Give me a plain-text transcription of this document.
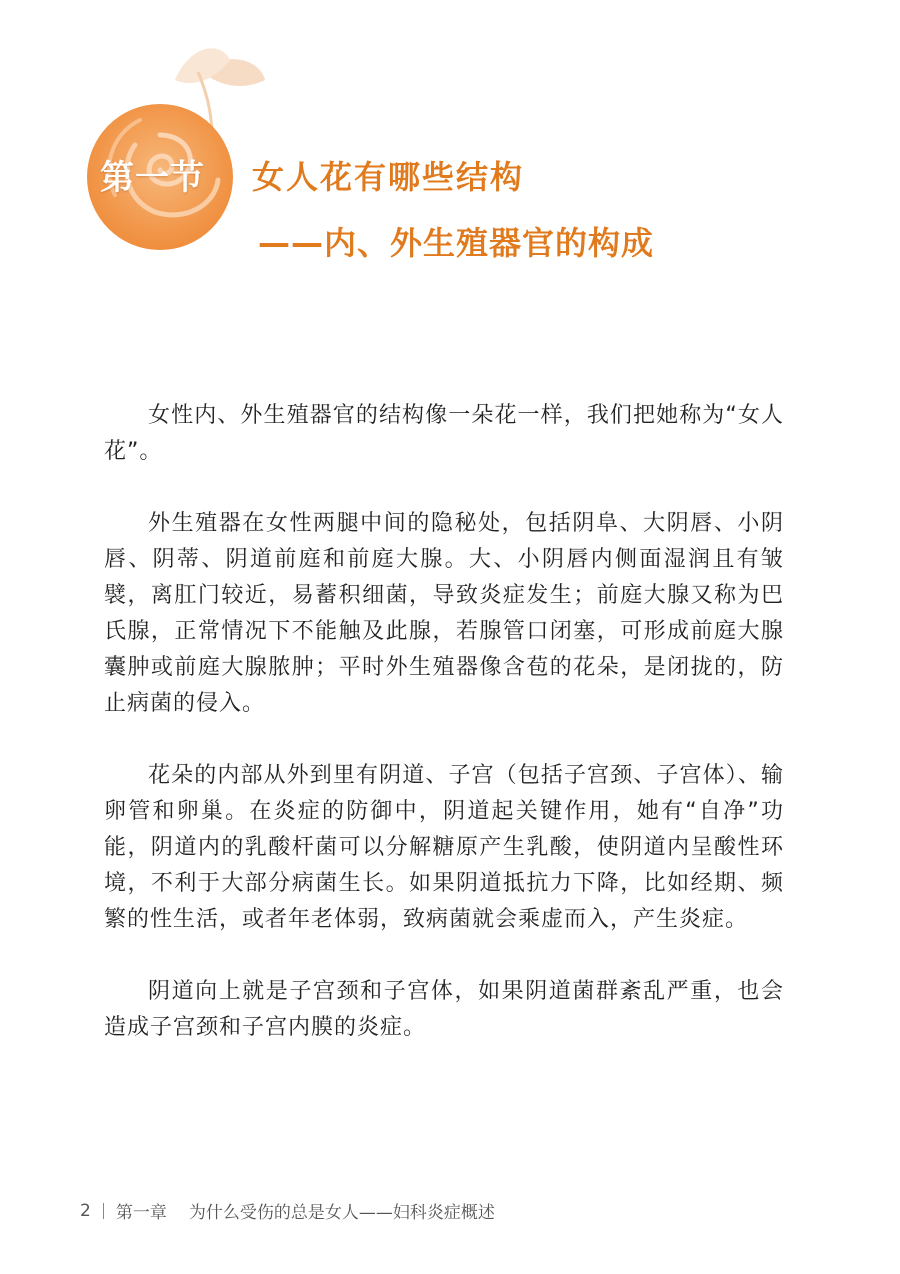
第一节 女人花有哪些结构
——内、外生殖器官的构成

女性内、外生殖器官的结构像一朵花一样，我们把她称为“女人花”。

外生殖器在女性两腿中间的隐秘处，包括阴阜、大阴唇、小阴唇、阴蒂、阴道前庭和前庭大腺。大、小阴唇内侧面湿润且有皱襞，离肛门较近，易蓄积细菌，导致炎症发生；前庭大腺又称为巴氏腺，正常情况下不能触及此腺，若腺管口闭塞，可形成前庭大腺囊肿或前庭大腺脓肿；平时外生殖器像含苞的花朵，是闭拢的，防止病菌的侵入。

花朵的内部从外到里有阴道、子宫（包括子宫颈、子宫体）、输卵管和卵巢。在炎症的防御中，阴道起关键作用，她有“自净”功能，阴道内的乳酸杆菌可以分解糖原产生乳酸，使阴道内呈酸性环境，不利于大部分病菌生长。如果阴道抵抗力下降，比如经期、频繁的性生活，或者年老体弱，致病菌就会乘虚而入，产生炎症。

阴道向上就是子宫颈和子宫体，如果阴道菌群紊乱严重，也会造成子宫颈和子宫内膜的炎症。

2 第一章 为什么受伤的总是女人——妇科炎症概述
